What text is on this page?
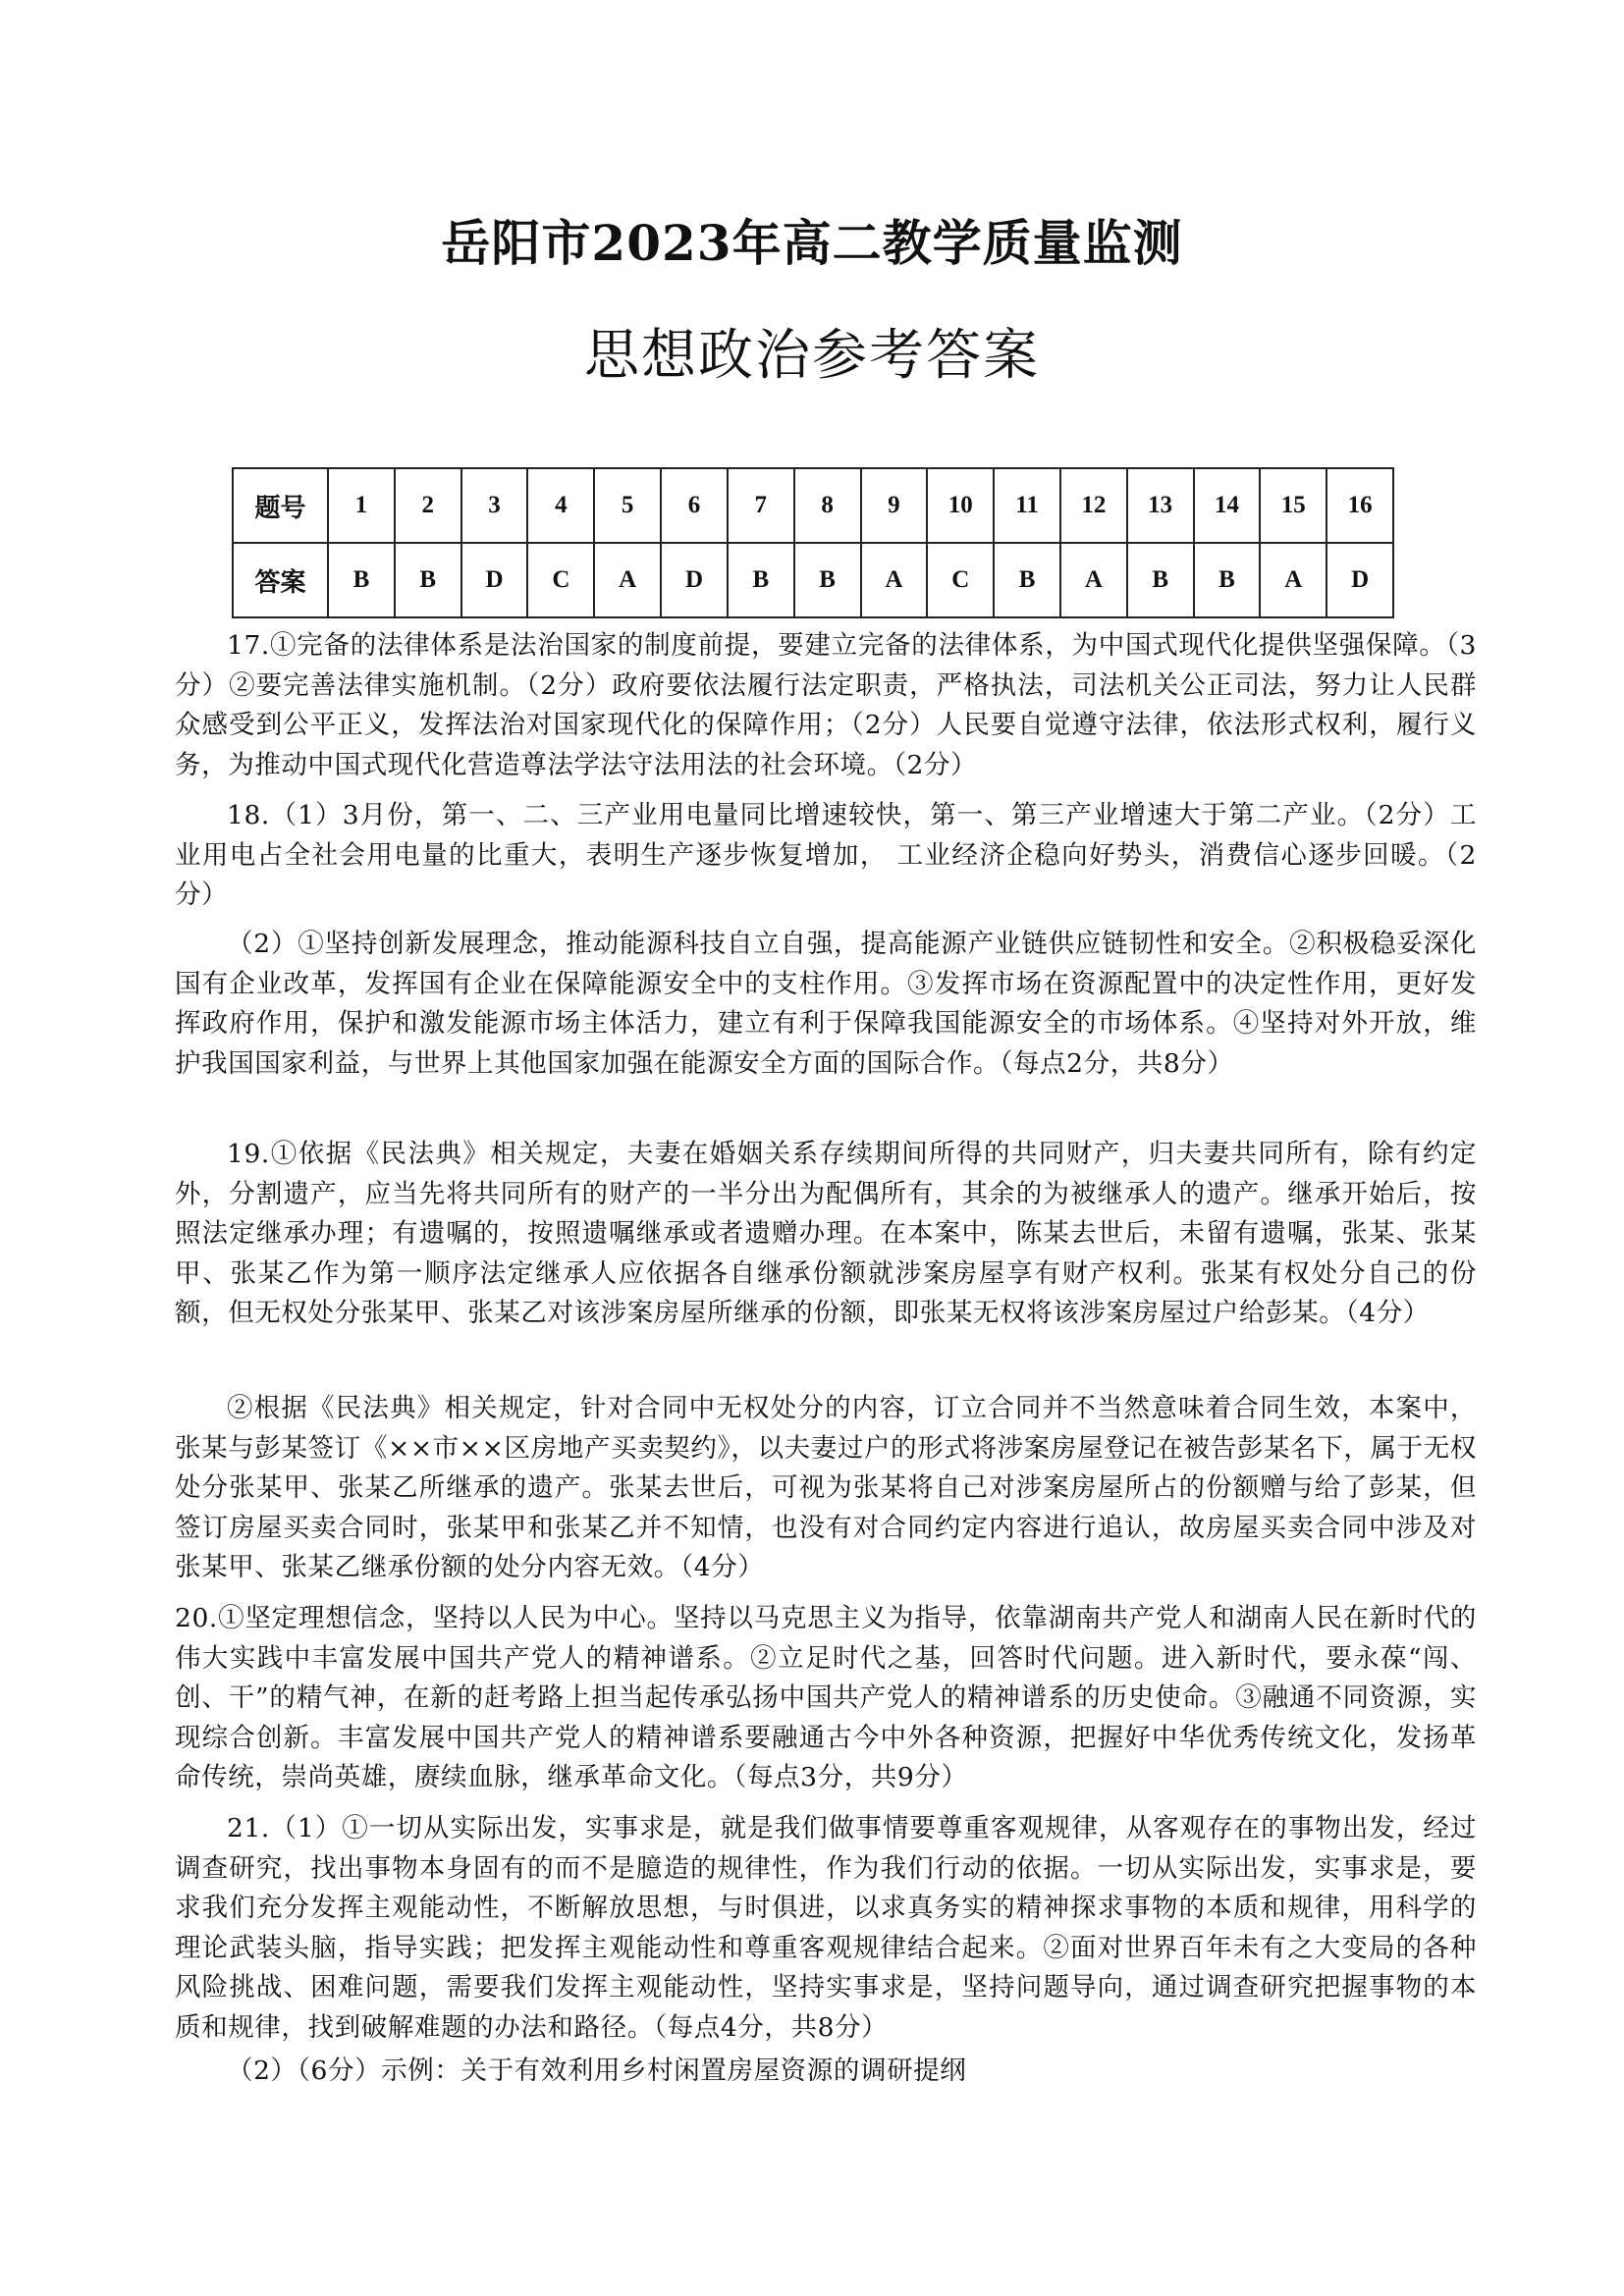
岳阳市2023年高二教学质量监测
思想政治参考答案
题号	1	2	3	4	5	6	7	8	9	10	11	12	13	14	15	16
答案	B	B	D	C	A	D	B	B	A	C	B	A	B	B	A	D

17.①完备的法律体系是法治国家的制度前提，要建立完备的法律体系，为中国式现代化提供坚强保障。（3分）②要完善法律实施机制。（2分）政府要依法履行法定职责，严格执法，司法机关公正司法，努力让人民群众感受到公平正义，发挥法治对国家现代化的保障作用；（2分）人民要自觉遵守法律，依法形式权利，履行义务，为推动中国式现代化营造尊法学法守法用法的社会环境。（2分）

18.（1）3月份，第一、二、三产业用电量同比增速较快，第一、第三产业增速大于第二产业。（2分）工业用电占全社会用电量的比重大，表明生产逐步恢复增加， 工业经济企稳向好势头，消费信心逐步回暖。（2分）

（2）①坚持创新发展理念，推动能源科技自立自强，提高能源产业链供应链韧性和安全。②积极稳妥深化国有企业改革，发挥国有企业在保障能源安全中的支柱作用。③发挥市场在资源配置中的决定性作用，更好发挥政府作用，保护和激发能源市场主体活力，建立有利于保障我国能源安全的市场体系。④坚持对外开放，维护我国国家利益，与世界上其他国家加强在能源安全方面的国际合作。（每点2分，共8分）

19.①依据《民法典》相关规定，夫妻在婚姻关系存续期间所得的共同财产，归夫妻共同所有，除有约定外，分割遗产，应当先将共同所有的财产的一半分出为配偶所有，其余的为被继承人的遗产。继承开始后，按照法定继承办理；有遗嘱的，按照遗嘱继承或者遗赠办理。在本案中，陈某去世后，未留有遗嘱，张某、张某甲、张某乙作为第一顺序法定继承人应依据各自继承份额就涉案房屋享有财产权利。张某有权处分自己的份额，但无权处分张某甲、张某乙对该涉案房屋所继承的份额，即张某无权将该涉案房屋过户给彭某。（4分）

②根据《民法典》相关规定，针对合同中无权处分的内容，订立合同并不当然意味着合同生效，本案中，张某与彭某签订《××市××区房地产买卖契约》，以夫妻过户的形式将涉案房屋登记在被告彭某名下，属于无权处分张某甲、张某乙所继承的遗产。张某去世后，可视为张某将自己对涉案房屋所占的份额赠与给了彭某，但签订房屋买卖合同时，张某甲和张某乙并不知情，也没有对合同约定内容进行追认，故房屋买卖合同中涉及对张某甲、张某乙继承份额的处分内容无效。（4分）

20.①坚定理想信念，坚持以人民为中心。坚持以马克思主义为指导，依靠湖南共产党人和湖南人民在新时代的伟大实践中丰富发展中国共产党人的精神谱系。②立足时代之基，回答时代问题。进入新时代，要永葆“闯、创、干”的精气神，在新的赶考路上担当起传承弘扬中国共产党人的精神谱系的历史使命。③融通不同资源，实现综合创新。丰富发展中国共产党人的精神谱系要融通古今中外各种资源，把握好中华优秀传统文化，发扬革命传统，崇尚英雄，赓续血脉，继承革命文化。（每点3分，共9分）

21.（1）①一切从实际出发，实事求是，就是我们做事情要尊重客观规律，从客观存在的事物出发，经过调查研究，找出事物本身固有的而不是臆造的规律性，作为我们行动的依据。一切从实际出发，实事求是，要求我们充分发挥主观能动性，不断解放思想，与时俱进，以求真务实的精神探求事物的本质和规律，用科学的理论武装头脑，指导实践；把发挥主观能动性和尊重客观规律结合起来。②面对世界百年未有之大变局的各种风险挑战、困难问题，需要我们发挥主观能动性，坚持实事求是，坚持问题导向，通过调查研究把握事物的本质和规律，找到破解难题的办法和路径。（每点4分，共8分）

（2）（6分）示例：关于有效利用乡村闲置房屋资源的调研提纲
